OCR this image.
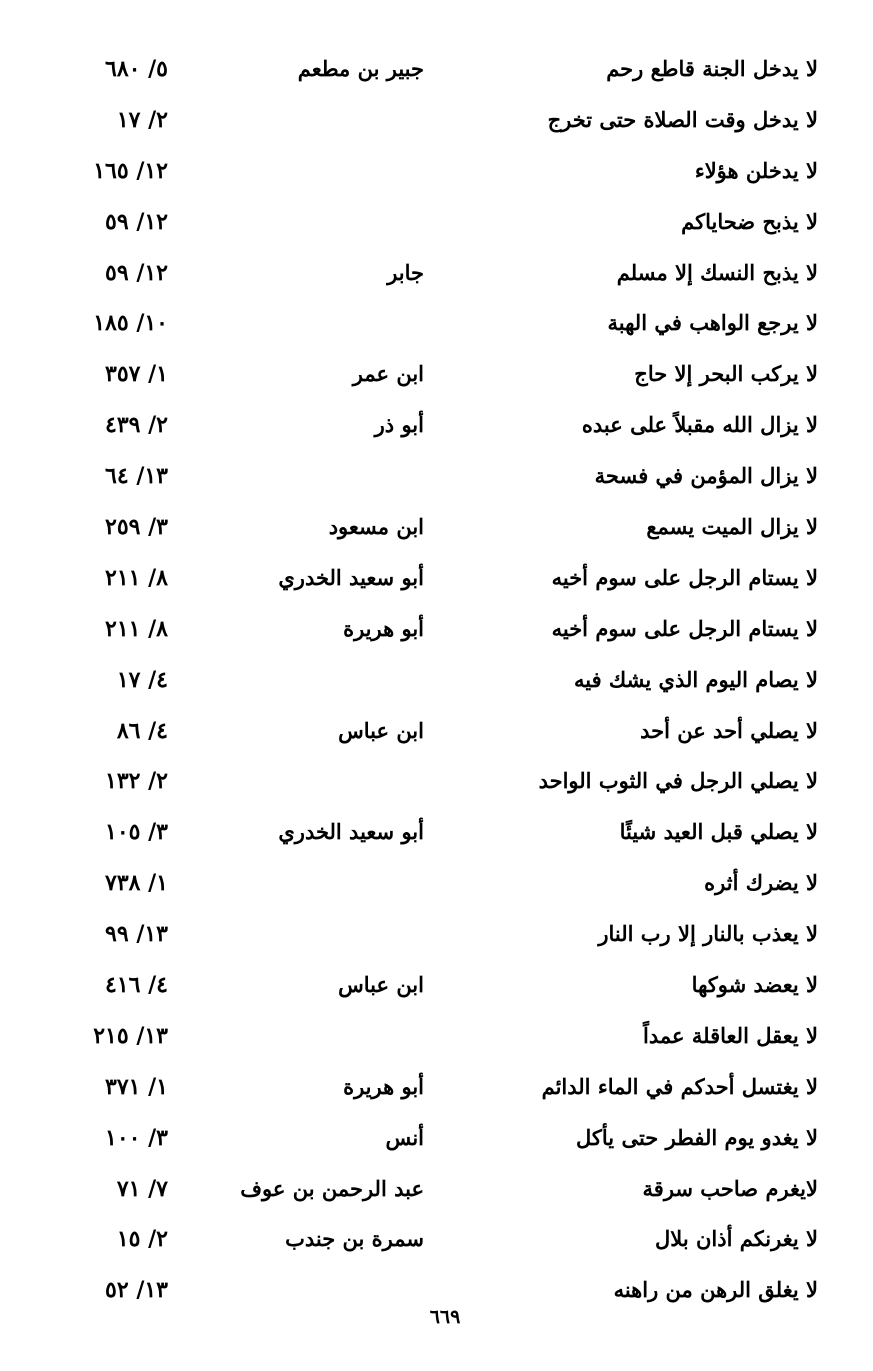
لا يدخل الجنة قاطع رحم
جبير بن مطعم
٥/ ٦٨٠
لا يدخل وقت الصلاة حتى تخرج
٢/ ١٧
لا يدخلن هؤلاء
١٢/ ١٦٥
لا يذبح ضحاياكم
١٢/ ٥٩
لا يذبح النسك إلا مسلم
جابر
١٢/ ٥٩
لا يرجع الواهب في الهبة
١٠/ ١٨٥
لا يركب البحر إلا حاج
ابن عمر
١/ ٣٥٧
لا يزال الله مقبلاً على عبده
أبو ذر
٢/ ٤٣٩
لا يزال المؤمن في فسحة
١٣/ ٦٤
لا يزال الميت يسمع
ابن مسعود
٣/ ٢٥٩
لا يستام الرجل على سوم أخيه
أبو سعيد الخدري
٨/ ٢١١
لا يستام الرجل على سوم أخيه
أبو هريرة
٨/ ٢١١
لا يصام اليوم الذي يشك فيه
٤/ ١٧
لا يصلي أحد عن أحد
ابن عباس
٤/ ٨٦
لا يصلي الرجل في الثوب الواحد
٢/ ١٣٢
لا يصلي قبل العيد شيئًا
أبو سعيد الخدري
٣/ ١٠٥
لا يضرك أثره
١/ ٧٣٨
لا يعذب بالنار إلا رب النار
١٣/ ٩٩
لا يعضد شوكها
ابن عباس
٤/ ٤١٦
لا يعقل العاقلة عمداً
١٣/ ٢١٥
لا يغتسل أحدكم في الماء الدائم
أبو هريرة
١/ ٣٧١
لا يغدو يوم الفطر حتى يأكل
أنس
٣/ ١٠٠
لايغرم صاحب سرقة
عبد الرحمن بن عوف
٧/ ٧١
لا يغرنكم أذان بلال
سمرة بن جندب
٢/ ١٥
لا يغلق الرهن من راهنه
١٣/ ٥٢
٦٦٩
